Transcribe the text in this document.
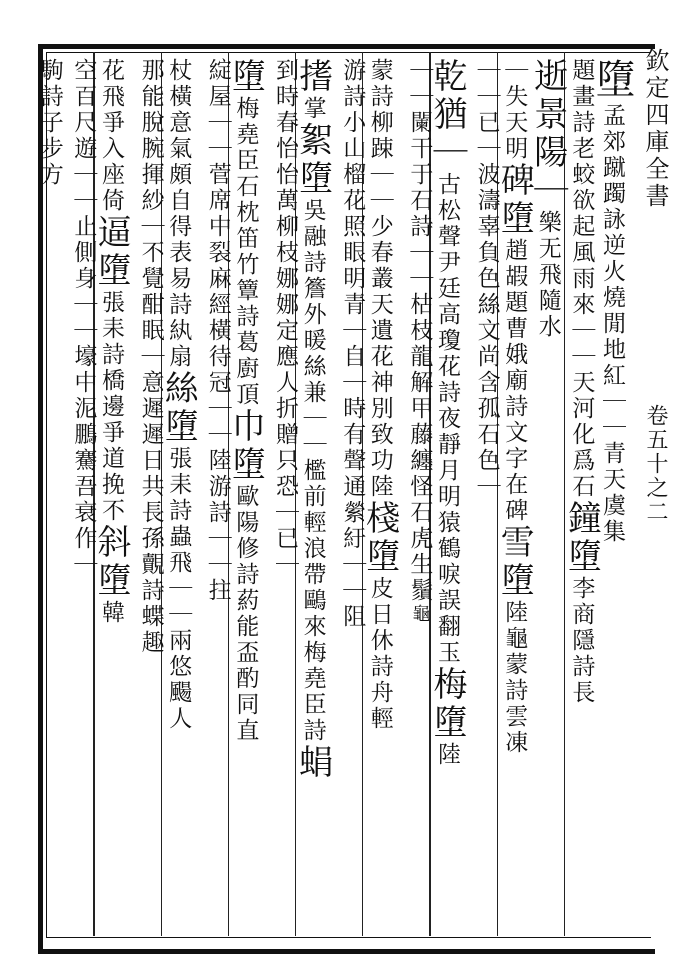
欽定四庫全書
卷五十之二
墮孟郊蹴躅詠逆火燒閒地紅｜｜青天虞集
題畫詩老蛟欲起風雨來｜｜天河化爲石鐘墮李商隱詩長
逝景陽｜樂无飛隨水
｜失天明碑墮趙嘏題曹娥廟詩文字在碑雪墮陸龜蒙詩雲凍
｜｜已｜波濤辜負色絲文尚含孤石色｜
乾猶｜古松聲尹廷高瓊花詩夜靜月明猿鶴唳誤翻玉梅墮陸
｜｜闌干于石詩｜｜枯枝龍解甲藤纏怪石虎生鬚龜
蒙詩柳踈｜｜少春叢天遺花神別致功陸棧墮皮日休詩舟輕
游詩小山榴花照眼明青｜自｜時有聲通縈紆｜｜阻
搘掌絮墮吳融詩簷外暖絲兼｜｜檻前輕浪帶鷗來梅堯臣詩蜎
到時春怡怡萬柳枝娜娜定應人折贈只恐｜已｜
墮梅堯臣石枕笛竹簟詩葛廚頂巾墮歐陽修詩葯能盃酌同直
綻屋｜｜菅席中裂麻經橫待冠｜｜陸游詩｜｜拄
杖橫意氣頗自得表易詩紈扇絲墮張耒詩蟲飛｜｜兩悠颺人
那能脫腕揮紗｜不覺酣眠｜意遲遲日共長孫覿詩蝶趣
花飛爭入座倚逼墮張耒詩橋邊爭道挽不斜墮韓
空百尺遊｜｜止側身｜｜壕中泥鵬騫吾衰作｜
駒詩子步方
